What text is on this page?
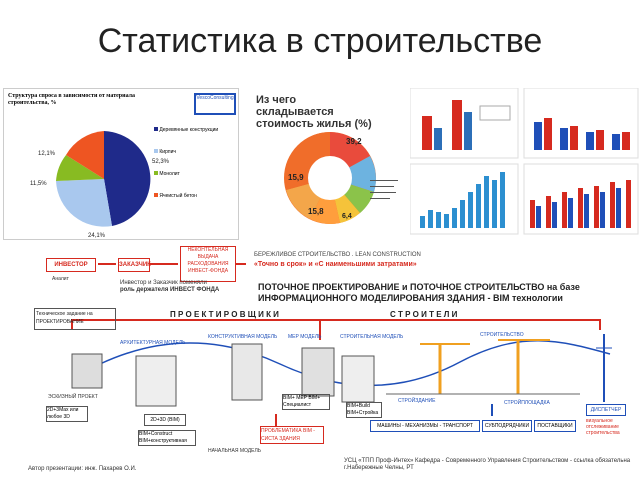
Статистика в строительстве
Структура спроса в зависимости от материала строительства, %
VescoConsulting
52,3%
24,1%
11,5%
12,1%
Деревянные конструкции
Кирпич
Монолит
Ячеистый бетон
Из чего складывается стоимость жилья (%)
39,2
15,9
15,8
6,4
ИНВЕСТОР	ЗАКАЗЧИК
НЕКОНТЕЛЬНАЯ ВЫДАЧА РАСХОДОВАНИЯ ИНВЕСТ-ФОНДА
БЕРЕЖЛИВОЕ СТРОИТЕЛЬСТВО . LEAN CONSTRUCTION
«Точно в срок» и «С наименьшими затратами»
Аналит
Инвестор и Заказчик поменяли
роль держателя ИНВЕСТ ФОНДА	ПОТОЧНОЕ ПРОЕКТИРОВАНИЕ и ПОТОЧНОЕ СТРОИТЕЛЬСТВО на базе
ИНФОРМАЦИОННОГО МОДЕЛИРОВАНИЯ ЗДАНИЯ - BIM технологии
П Р О Е К Т И Р О В Щ И К И	С Т Р О И Т Е Л И
Техническое задание на ПРОЕКТИРОВАНИЕ
АРХИТЕКТУРНАЯ МОДЕЛЬ
КОНСТРУКТИВНАЯ МОДЕЛЬ МЕР МОДЕЛЬ	СТРОИТЕЛЬНАЯ МОДЕЛЬ	СТРОИТЕЛЬСТВО
2D+3D (BIM)
BIM+Construct BIM+конструктивная
BIM+ MEP BIM+ Специалист	BIM+Build BIM+Стройка
ПРОБЛЕМАТИКА BIM - СИСТА ЗДАНИЯ
НАЧАЛЬНАЯ МОДЕЛЬ
ЭСКИЗНЫЙ ПРОЕКТ
2D+3Max или любое 3D
МАШИНЫ - МЕХАНИЗМЫ - ТРАНСПОРТ	СУБПОДРЯДЧИКИ	ПОСТАВЩИКИ
СТРОЙЗДАНИЕ	СТРОЙПЛОЩАДКА
ДИСПЕТЧЕР
визуальное отслеживание строительства
Автор презентации: инж. Пахарев О.И.
УСЦ «ТПП Проф-Интех» Кафедра - Современного Управления Строительством - ссылка обязательна г.Набережные Челны, РТ
